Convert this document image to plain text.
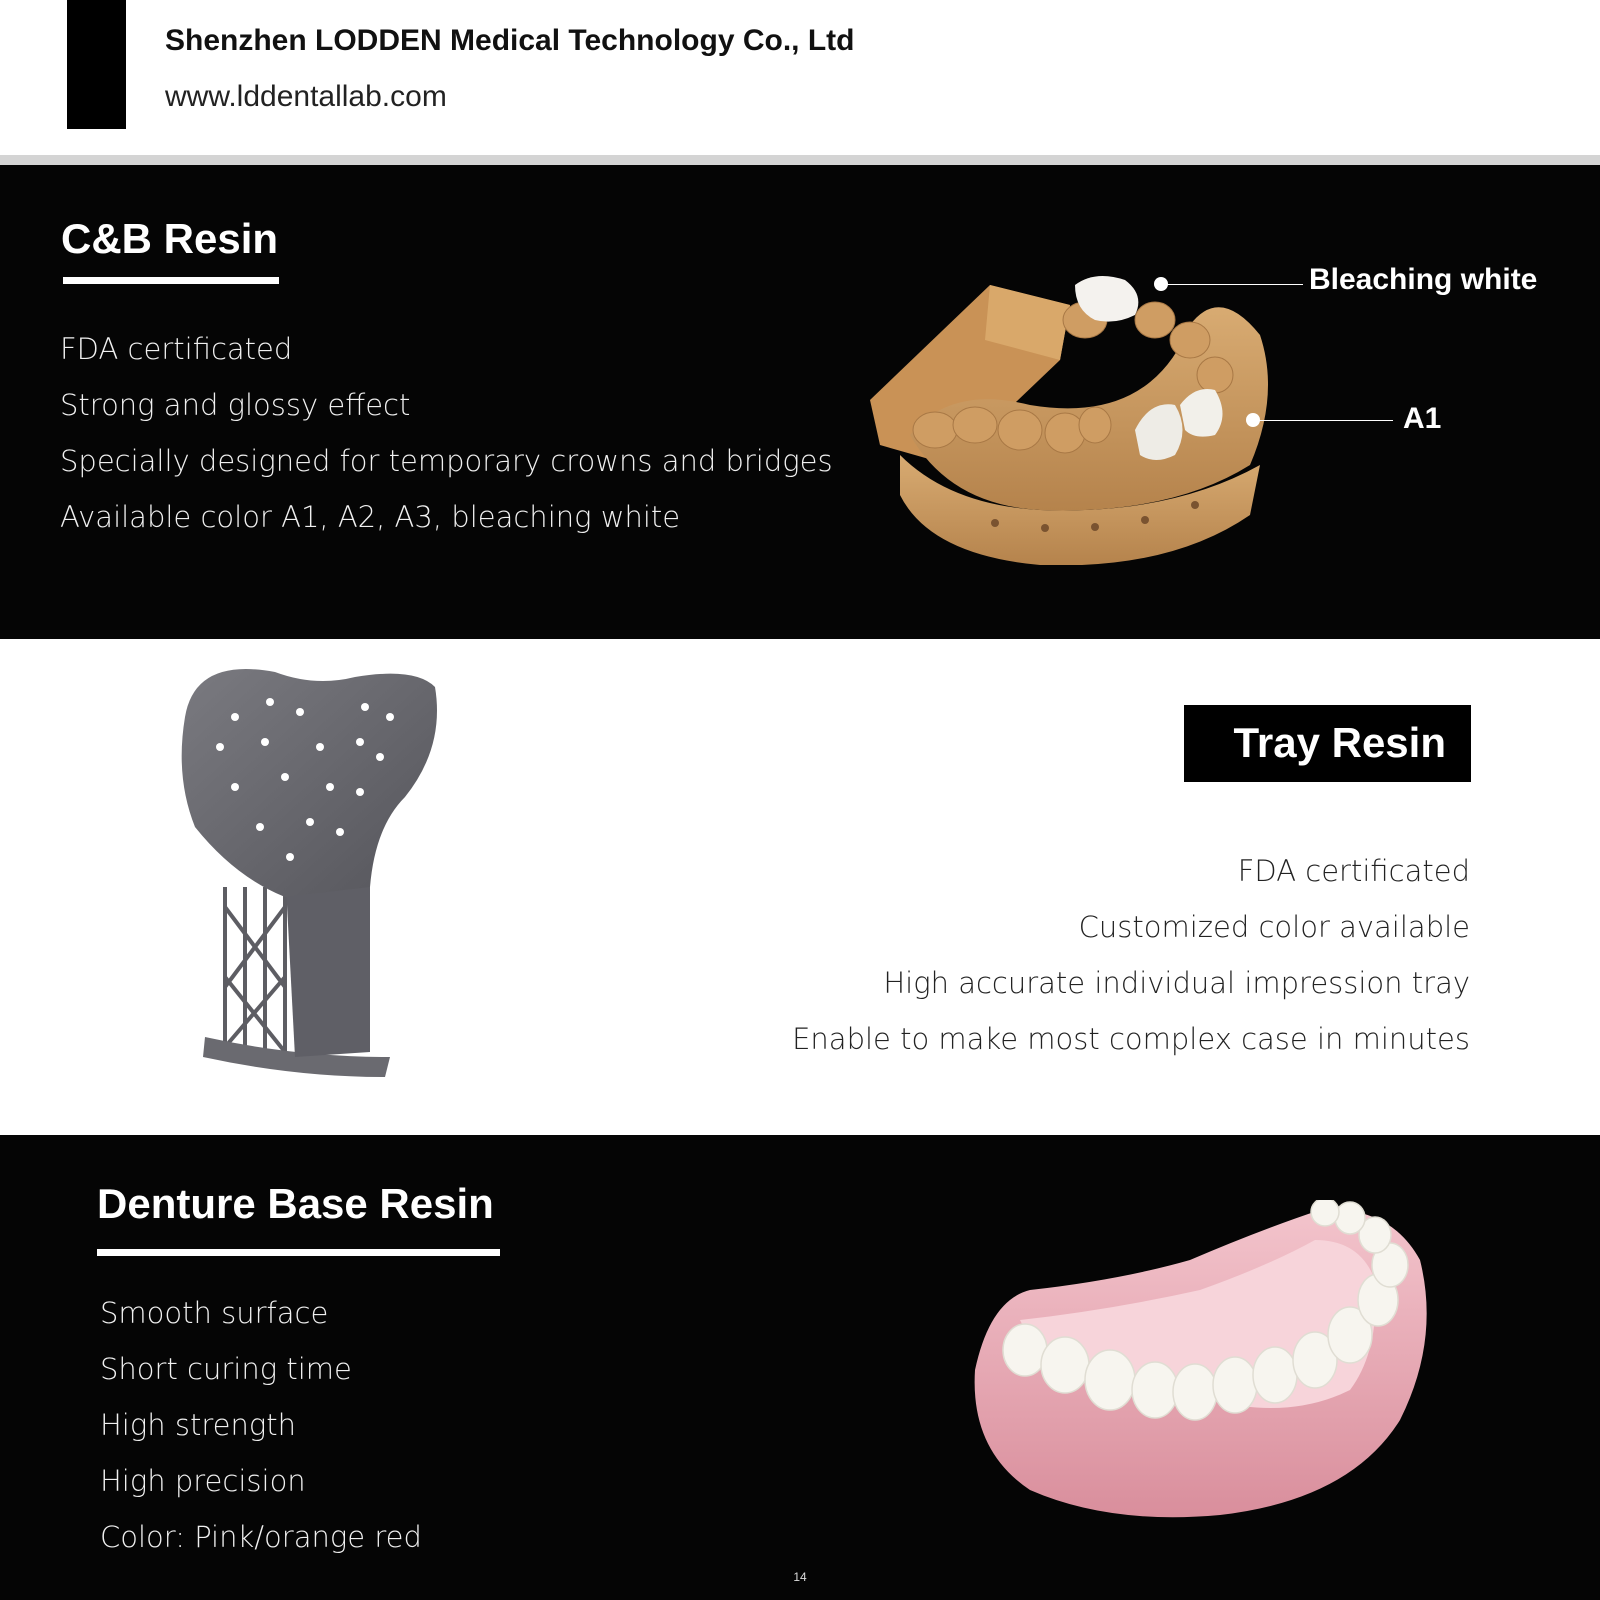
Shenzhen LODDEN Medical Technology Co., Ltd
www.lddentallab.com
C&B Resin
FDA certificated
Strong and glossy effect
Specially designed for temporary crowns and bridges
Available color A1, A2, A3, bleaching white
Bleaching white
A1
Tray Resin
FDA certificated
Customized color available
High accurate individual impression tray
Enable to make most complex case in minutes
Denture Base Resin
Smooth surface
Short curing time
High strength
High precision
Color: Pink/orange red
14
